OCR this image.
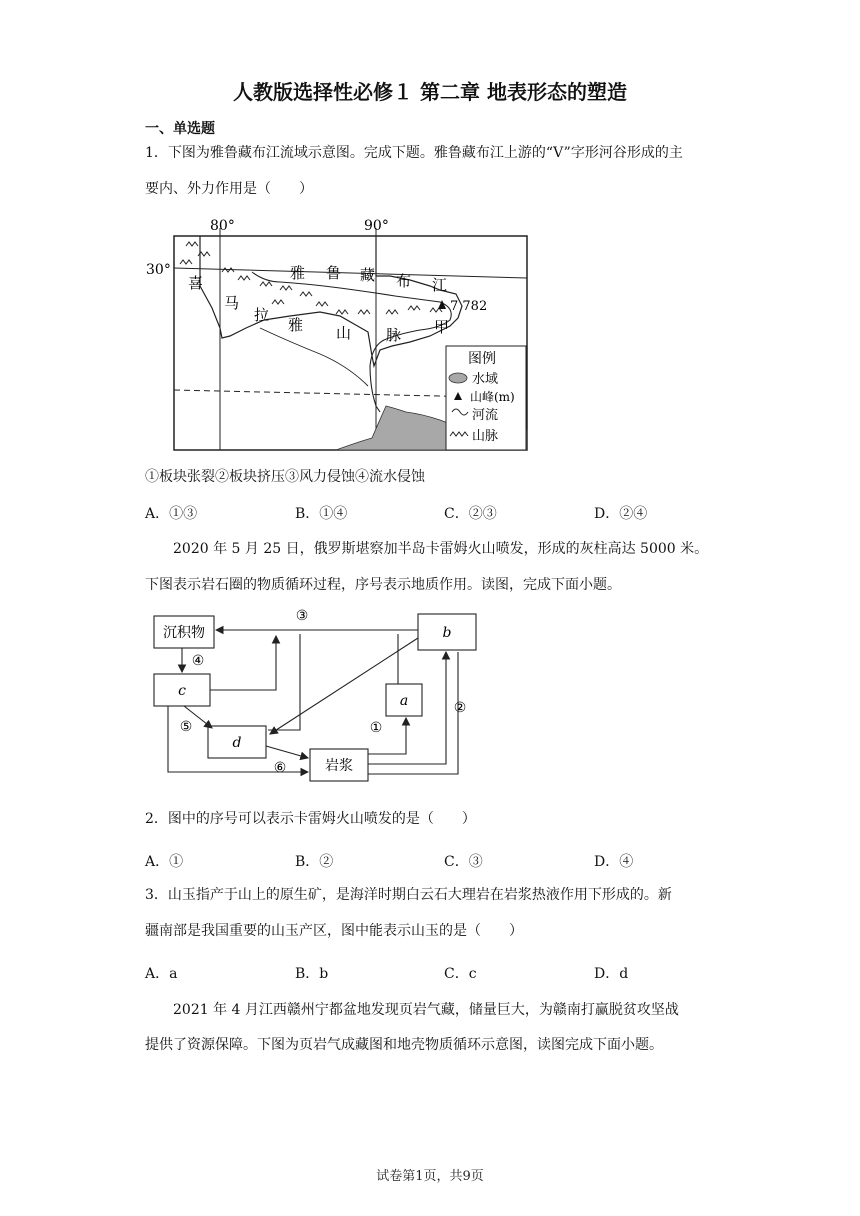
人教版选择性必修１ 第二章 地表形态的塑造
一、单选题
1．下图为雅鲁藏布江流域示意图。完成下题。雅鲁藏布江上游的“V”字形河谷形成的主
要内、外力作用是（　　）
80°	90°
30°
喜
马
拉
雅 山 脉
雅 鲁 藏 布 江
7 782
甲
图例
水域
山峰(m)
河流
山脉
①板块张裂②板块挤压③风力侵蚀④流水侵蚀
A．①③	B．①④	C．②③	D．②④
2020 年 5 月 25 日，俄罗斯堪察加半岛卡雷姆火山喷发，形成的灰柱高达 5000 米。
下图表示岩石圈的物质循环过程，序号表示地质作用。读图，完成下面小题。
沉积物	b
c
a
d
岩浆
③
④
⑤
⑥
①
②
2．图中的序号可以表示卡雷姆火山喷发的是（　　）
A．①	B．②	C．③	D．④
3．山玉指产于山上的原生矿，是海洋时期白云石大理岩在岩浆热液作用下形成的。新
疆南部是我国重要的山玉产区，图中能表示山玉的是（　　）
A．a	B．b	C．c	D．d
2021 年 4 月江西赣州宁都盆地发现页岩气藏，储量巨大，为赣南打赢脱贫攻坚战
提供了资源保障。下图为页岩气成藏图和地壳物质循环示意图，读图完成下面小题。
试卷第1页，共9页
